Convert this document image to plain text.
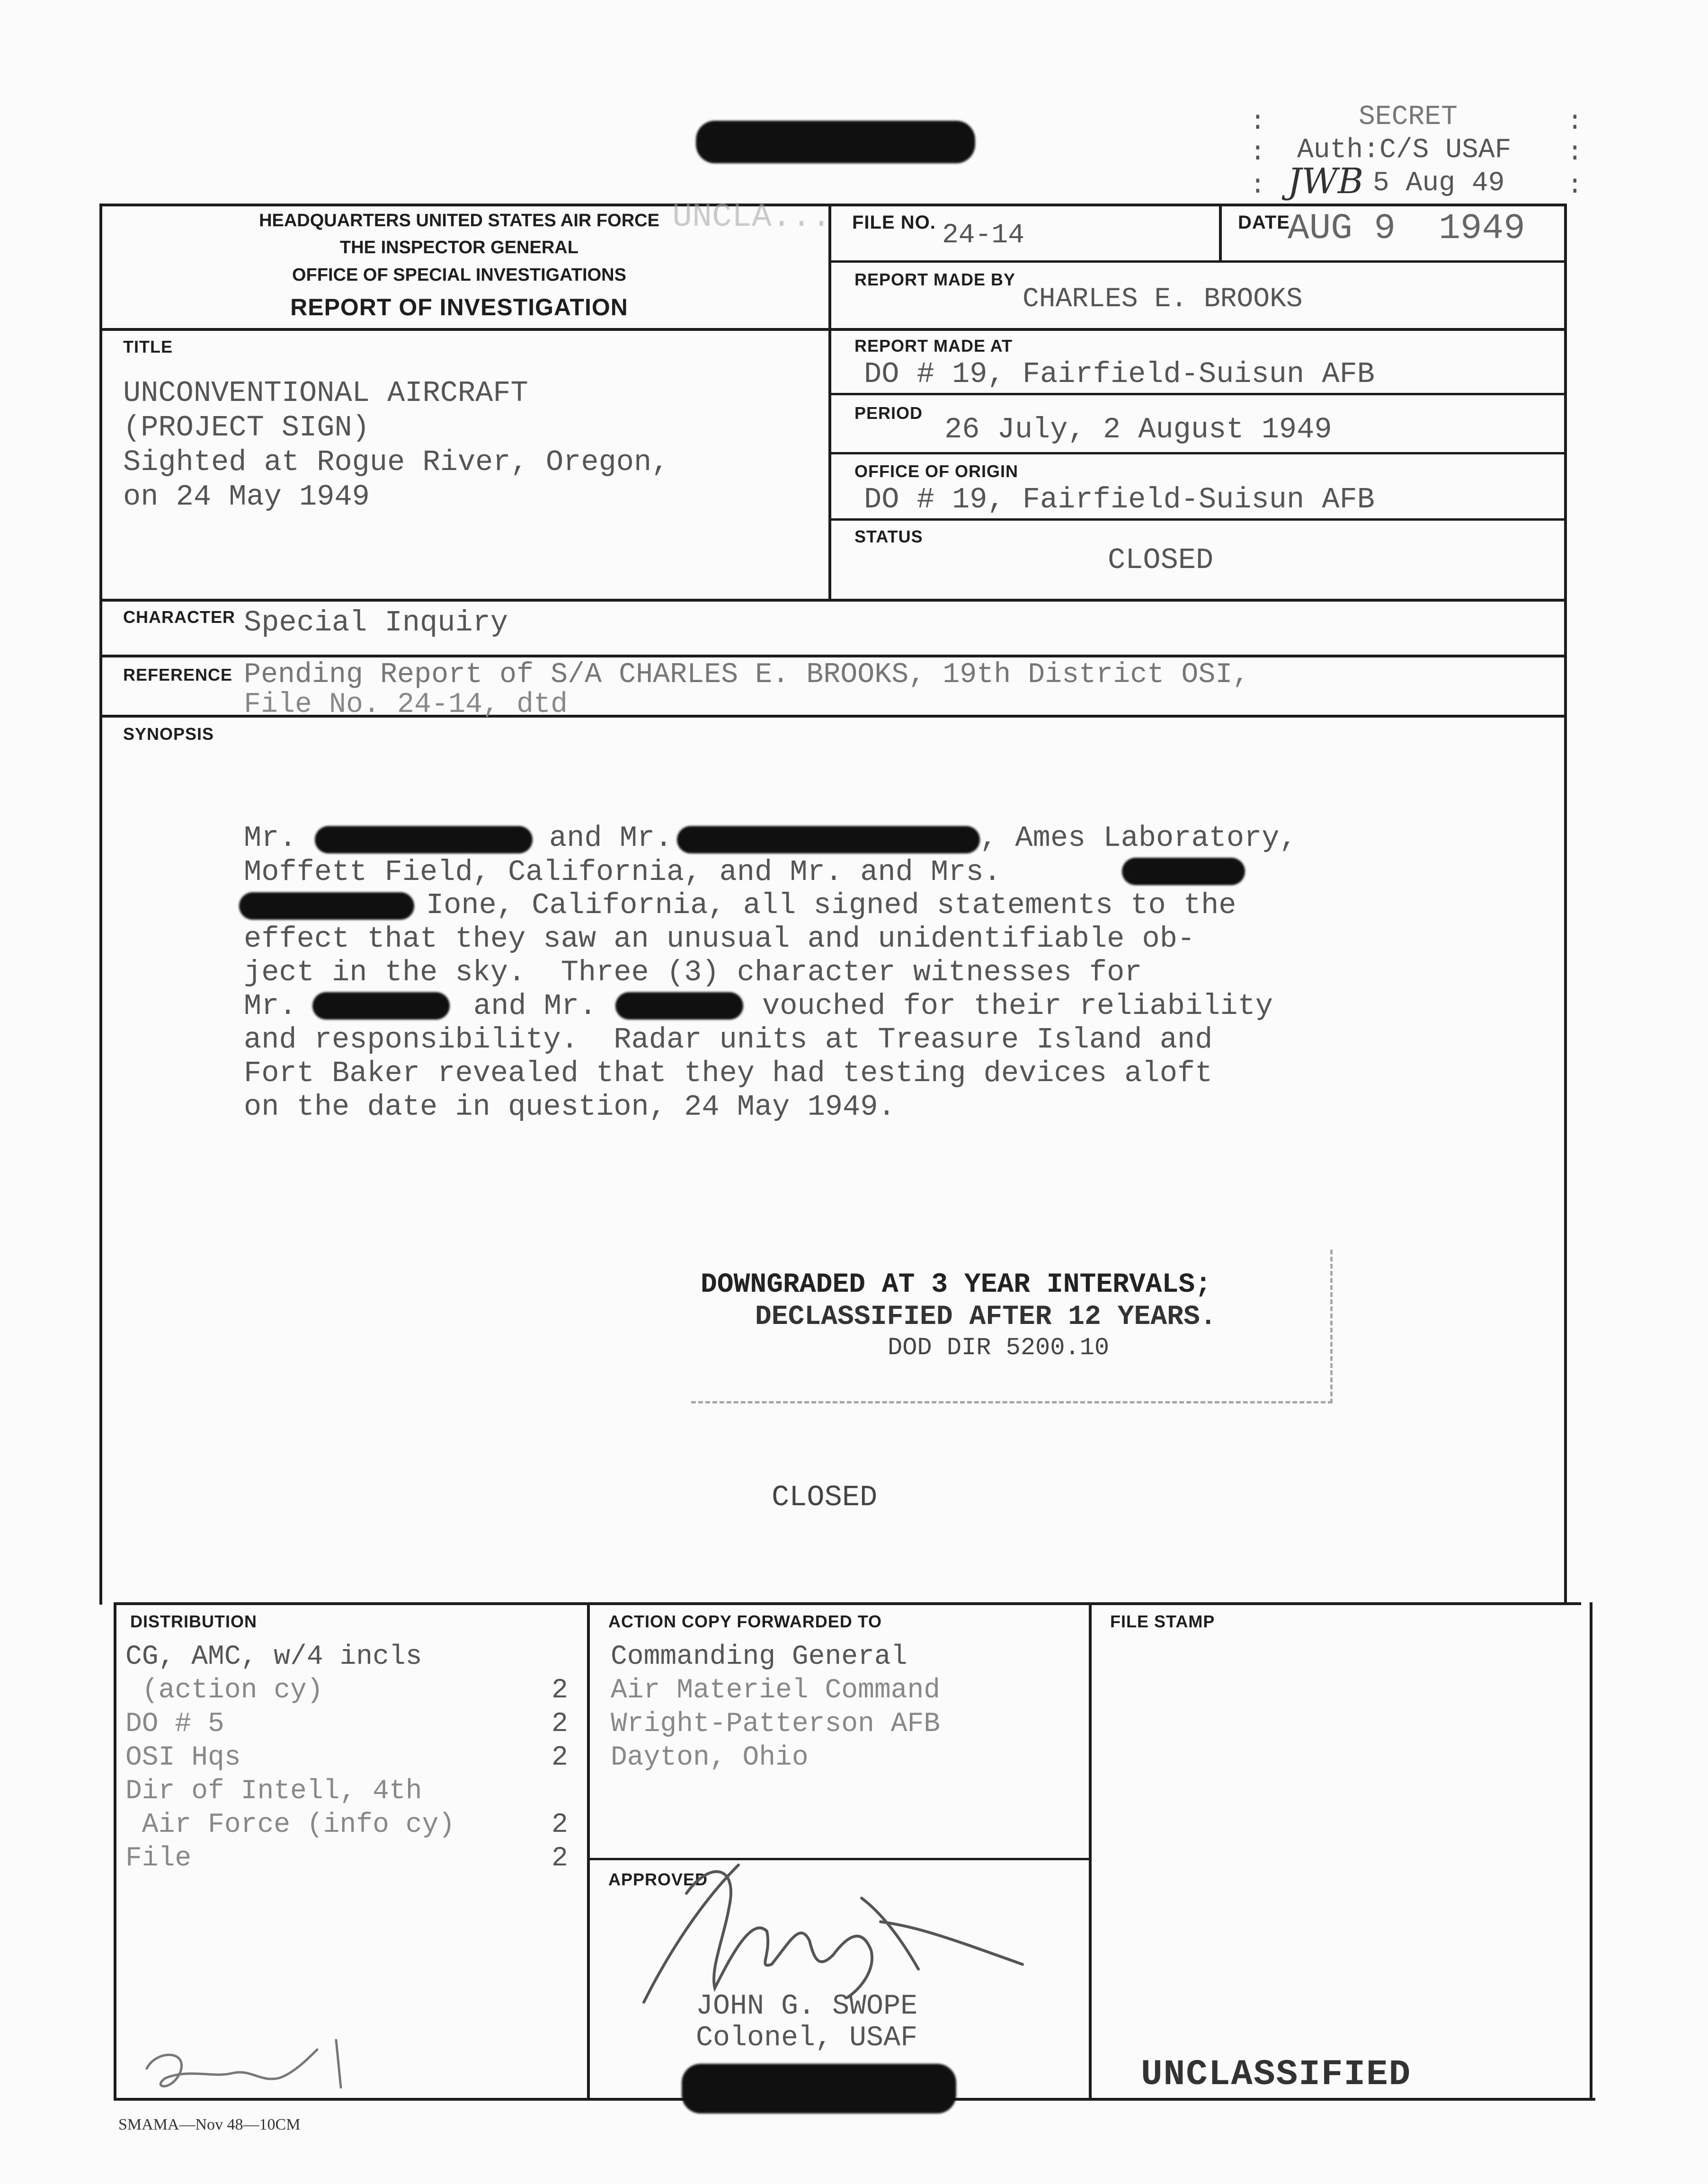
:
:
:
:
:
:
SECRET
Auth:C/S USAF
5 Aug 49
JWB
HEADQUARTERS UNITED STATES AIR FORCE
THE INSPECTOR GENERAL
OFFICE OF SPECIAL INVESTIGATIONS
REPORT OF INVESTIGATION
UNCLA... FILE NO. 24-14	DATE
AUG 9  1949
REPORT MADE BY
CHARLES E. BROOKS
TITLE
UNCONVENTIONAL AIRCRAFT
(PROJECT SIGN)
Sighted at Rogue River, Oregon,
on 24 May 1949
REPORT MADE AT
DO # 19, Fairfield-Suisun AFB
PERIOD 26 July, 2 August 1949
OFFICE OF ORIGIN
DO # 19, Fairfield-Suisun AFB
STATUS
CLOSED
CHARACTER Special Inquiry
REFERENCE Pending Report of S/A CHARLES E. BROOKS, 19th District OSI,
File No. 24-14, dtd
SYNOPSIS
Mr.	and Mr.	, Ames Laboratory,
Moffett Field, California, and Mr. and Mrs.
Ione, California, all signed statements to the
effect that they saw an unusual and unidentifiable ob-
ject in the sky.  Three (3) character witnesses for
Mr.	and Mr.	vouched for their reliability
and responsibility.  Radar units at Treasure Island and
Fort Baker revealed that they had testing devices aloft
on the date in question, 24 May 1949.
DOWNGRADED AT 3 YEAR INTERVALS;
DECLASSIFIED AFTER 12 YEARS.
DOD DIR 5200.10
CLOSED
DISTRIBUTION
CG, AMC, w/4 incls
(action cy)	2
DO # 5	2
OSI Hqs	2
Dir of Intell, 4th
Air Force (info cy)	2
File	2
ACTION COPY FORWARDED TO
Commanding General
Air Materiel Command
Wright-Patterson AFB
Dayton, Ohio
APPROVED
JOHN G. SWOPE
Colonel, USAF
FILE STAMP
UNCLASSIFIED
SMAMA—Nov 48—10CM
